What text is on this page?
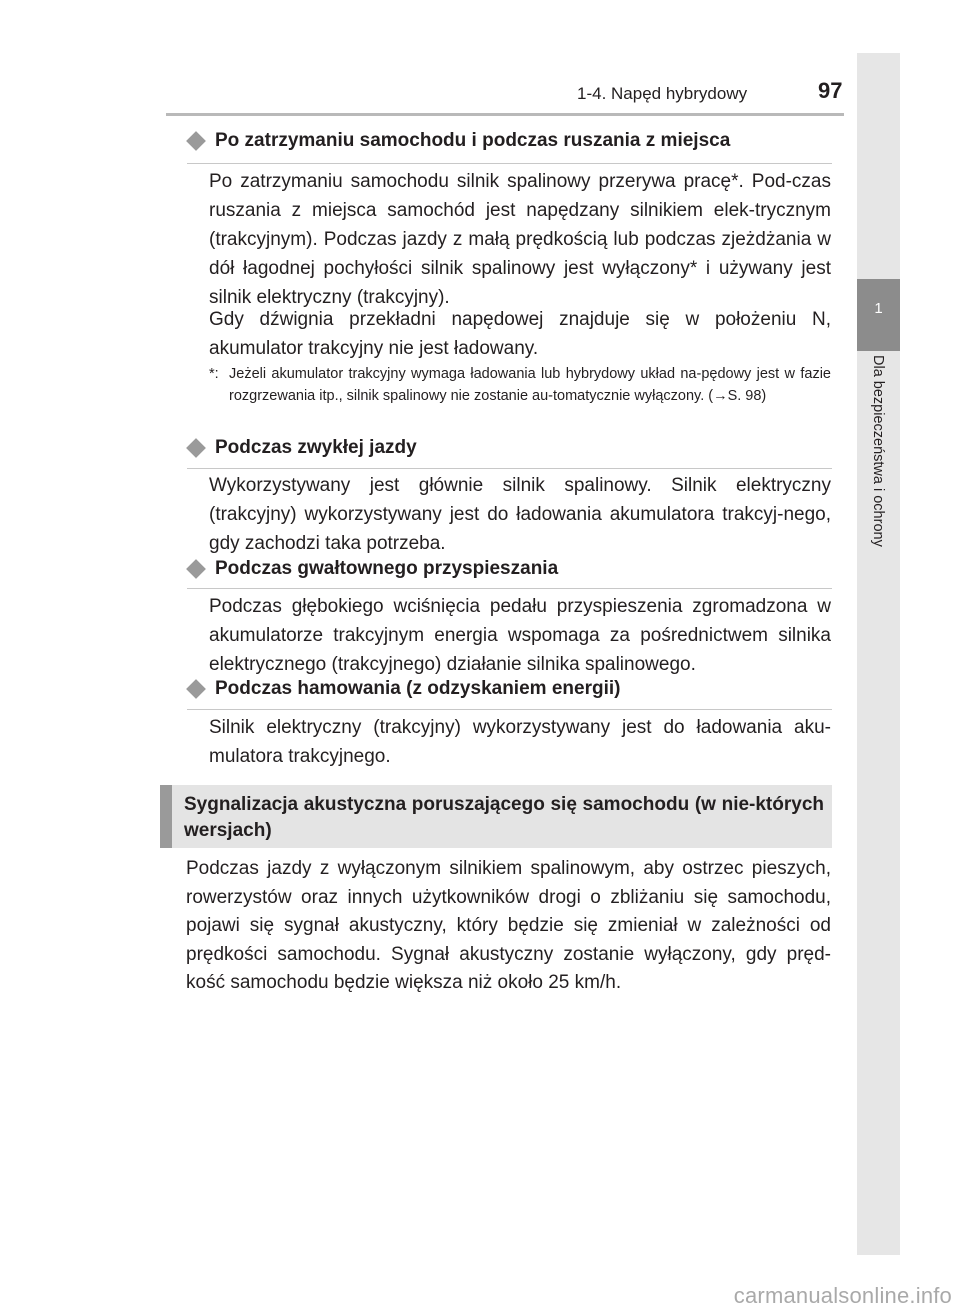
1
Dla bezpieczeństwa i ochrony
1-4. Napęd hybrydowy	97
Po zatrzymaniu samochodu i podczas ruszania z miejsca

Po zatrzymaniu samochodu silnik spalinowy przerywa pracę*. Pod-czas ruszania z miejsca samochód jest napędzany silnikiem elek-trycznym (trakcyjnym). Podczas jazdy z małą prędkością lub podczas zjeżdżania w dół łagodnej pochyłości silnik spalinowy jest wyłączony* i używany jest silnik elektryczny (trakcyjny).

Gdy dźwignia przekładni napędowej znajduje się w położeniu N, akumulator trakcyjny nie jest ładowany.

*: Jeżeli akumulator trakcyjny wymaga ładowania lub hybrydowy układ na-pędowy jest w fazie rozgrzewania itp., silnik spalinowy nie zostanie au-tomatycznie wyłączony. (→S. 98)
Podczas zwykłej jazdy

Wykorzystywany jest głównie silnik spalinowy. Silnik elektryczny (trakcyjny) wykorzystywany jest do ładowania akumulatora trakcyj-nego, gdy zachodzi taka potrzeba.

Podczas gwałtownego przyspieszania

Podczas głębokiego wciśnięcia pedału przyspieszenia zgromadzona w akumulatorze trakcyjnym energia wspomaga za pośrednictwem silnika elektrycznego (trakcyjnego) działanie silnika spalinowego.

Podczas hamowania (z odzyskaniem energii)

Silnik elektryczny (trakcyjny) wykorzystywany jest do ładowania aku-mulatora trakcyjnego.

Sygnalizacja akustyczna poruszającego się samochodu (w nie-których wersjach)

Podczas jazdy z wyłączonym silnikiem spalinowym, aby ostrzec pieszych, rowerzystów oraz innych użytkowników drogi o zbliżaniu się samochodu, pojawi się sygnał akustyczny, który będzie się zmieniał w zależności od prędkości samochodu. Sygnał akustyczny zostanie wyłączony, gdy pręd-kość samochodu będzie większa niż około 25 km/h.

carmanualsonline.info
